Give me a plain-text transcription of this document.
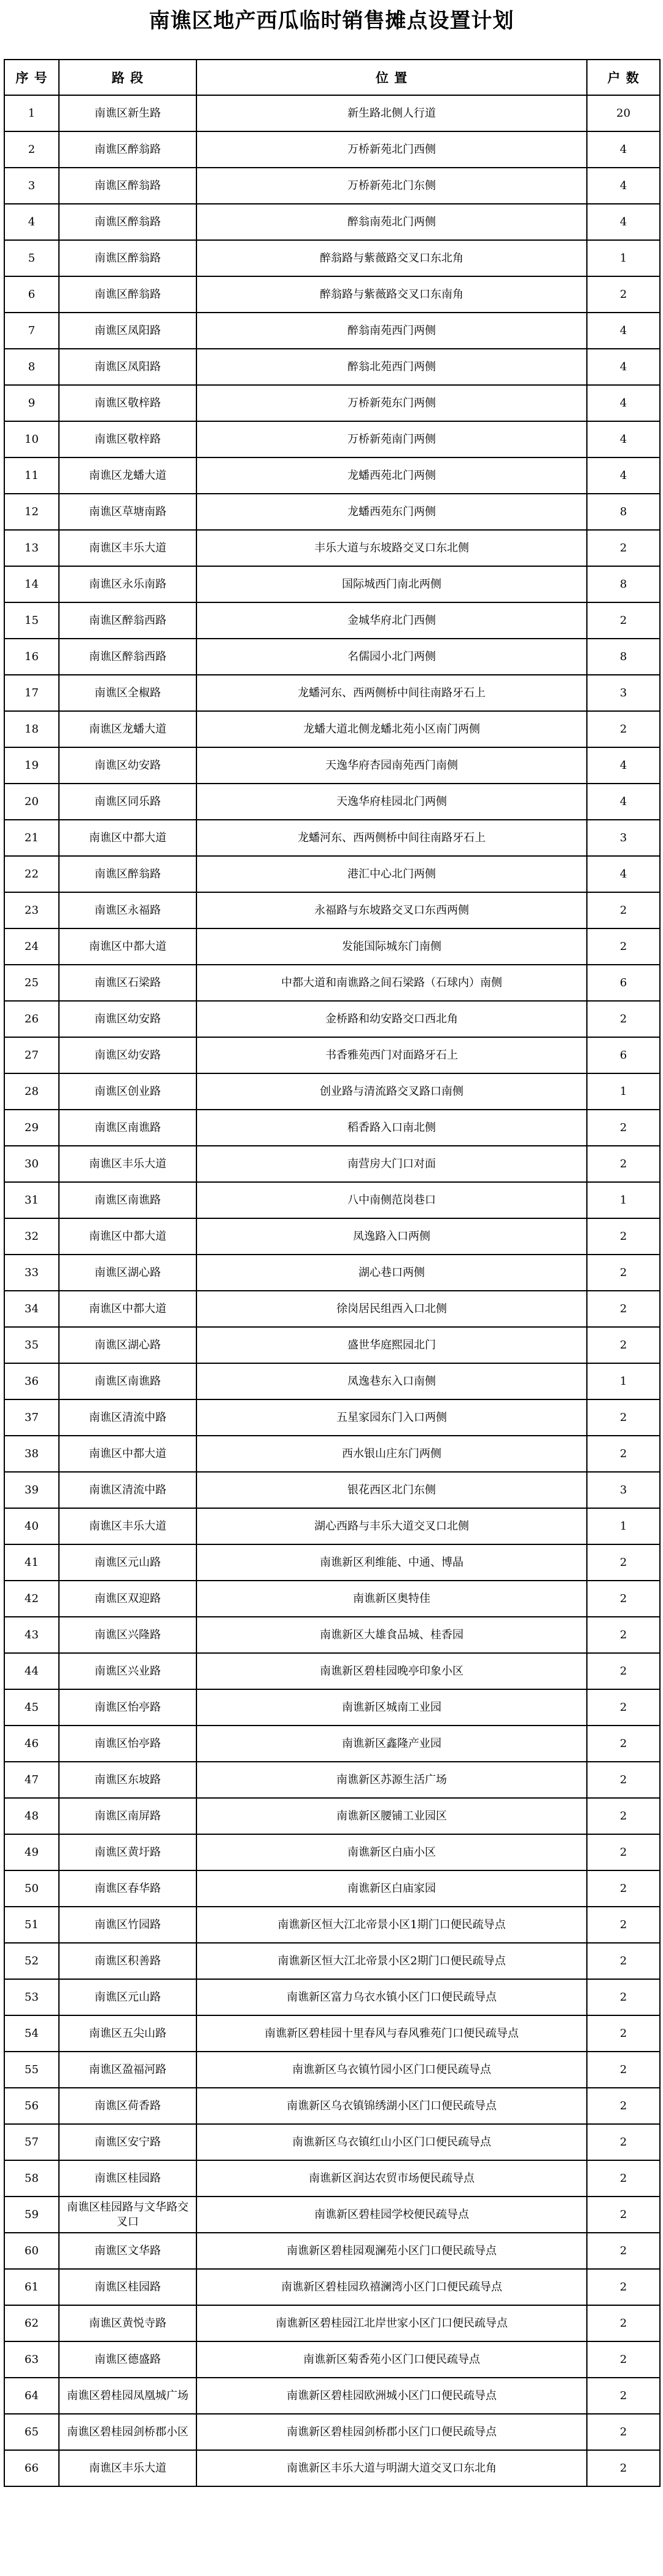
南谯区地产西瓜临时销售摊点设置计划
序 号	路 段	位 置	户 数
1	南谯区新生路	新生路北侧人行道	20
2	南谯区醉翁路	万桥新苑北门西侧	4
3	南谯区醉翁路	万桥新苑北门东侧	4
4	南谯区醉翁路	醉翁南苑北门两侧	4
5	南谯区醉翁路	醉翁路与紫薇路交叉口东北角	1
6	南谯区醉翁路	醉翁路与紫薇路交叉口东南角	2
7	南谯区凤阳路	醉翁南苑西门两侧	4
8	南谯区凤阳路	醉翁北苑西门两侧	4
9	南谯区敬梓路	万桥新苑东门两侧	4
10	南谯区敬梓路	万桥新苑南门两侧	4
11	南谯区龙蟠大道	龙蟠西苑北门两侧	4
12	南谯区草塘南路	龙蟠西苑东门两侧	8
13	南谯区丰乐大道	丰乐大道与东坡路交叉口东北侧	2
14	南谯区永乐南路	国际城西门南北两侧	8
15	南谯区醉翁西路	金城华府北门西侧	2
16	南谯区醉翁西路	名儒园小北门两侧	8
17	南谯区全椒路	龙蟠河东、西两侧桥中间往南路牙石上	3
18	南谯区龙蟠大道	龙蟠大道北侧龙蟠北苑小区南门两侧	2
19	南谯区幼安路	天逸华府杏园南苑西门南侧	4
20	南谯区同乐路	天逸华府桂园北门两侧	4
21	南谯区中都大道	龙蟠河东、西两侧桥中间往南路牙石上	3
22	南谯区醉翁路	港汇中心北门两侧	4
23	南谯区永福路	永福路与东坡路交叉口东西两侧	2
24	南谯区中都大道	发能国际城东门南侧	2
25	南谯区石梁路	中都大道和南谯路之间石梁路（石球内）南侧	6
26	南谯区幼安路	金桥路和幼安路交口西北角	2
27	南谯区幼安路	书香雅苑西门对面路牙石上	6
28	南谯区创业路	创业路与清流路交叉路口南侧	1
29	南谯区南谯路	稻香路入口南北侧	2
30	南谯区丰乐大道	南营房大门口对面	2
31	南谯区南谯路	八中南侧范岗巷口	1
32	南谯区中都大道	凤逸路入口两侧	2
33	南谯区湖心路	湖心巷口两侧	2
34	南谯区中都大道	徐岗居民组西入口北侧	2
35	南谯区湖心路	盛世华庭熙园北门	2
36	南谯区南谯路	凤逸巷东入口南侧	1
37	南谯区清流中路	五星家园东门入口两侧	2
38	南谯区中都大道	西水银山庄东门两侧	2
39	南谯区清流中路	银花西区北门东侧	3
40	南谯区丰乐大道	湖心西路与丰乐大道交叉口北侧	1
41	南谯区元山路	南谯新区利维能、中通、博晶	2
42	南谯区双迎路	南谯新区奥特佳	2
43	南谯区兴隆路	南谯新区大雄食品城、桂香园	2
44	南谯区兴业路	南谯新区碧桂园晚亭印象小区	2
45	南谯区怡亭路	南谯新区城南工业园	2
46	南谯区怡亭路	南谯新区鑫隆产业园	2
47	南谯区东坡路	南谯新区苏源生活广场	2
48	南谯区南屏路	南谯新区腰铺工业园区	2
49	南谯区黄圩路	南谯新区白庙小区	2
50	南谯区春华路	南谯新区白庙家园	2
51	南谯区竹园路	南谯新区恒大江北帝景小区1期门口便民疏导点	2
52	南谯区积善路	南谯新区恒大江北帝景小区2期门口便民疏导点	2
53	南谯区元山路	南谯新区富力乌衣水镇小区门口便民疏导点	2
54	南谯区五尖山路	南谯新区碧桂园十里春风与春风雅苑门口便民疏导点	2
55	南谯区盈福河路	南谯新区乌衣镇竹园小区门口便民疏导点	2
56	南谯区荷香路	南谯新区乌衣镇锦绣湖小区门口便民疏导点	2
57	南谯区安宁路	南谯新区乌衣镇红山小区门口便民疏导点	2
58	南谯区桂园路	南谯新区润达农贸市场便民疏导点	2
59	南谯区桂园路与文华路交叉口	南谯新区碧桂园学校便民疏导点	2
60	南谯区文华路	南谯新区碧桂园观澜苑小区门口便民疏导点	2
61	南谯区桂园路	南谯新区碧桂园玖禧澜湾小区门口便民疏导点	2
62	南谯区黄悦寺路	南谯新区碧桂园江北岸世家小区门口便民疏导点	2
63	南谯区德盛路	南谯新区菊香苑小区门口便民疏导点	2
64	南谯区碧桂园凤凰城广场	南谯新区碧桂园欧洲城小区门口便民疏导点	2
65	南谯区碧桂园剑桥郡小区	南谯新区碧桂园剑桥郡小区门口便民疏导点	2
66	南谯区丰乐大道	南谯新区丰乐大道与明湖大道交叉口东北角	2
